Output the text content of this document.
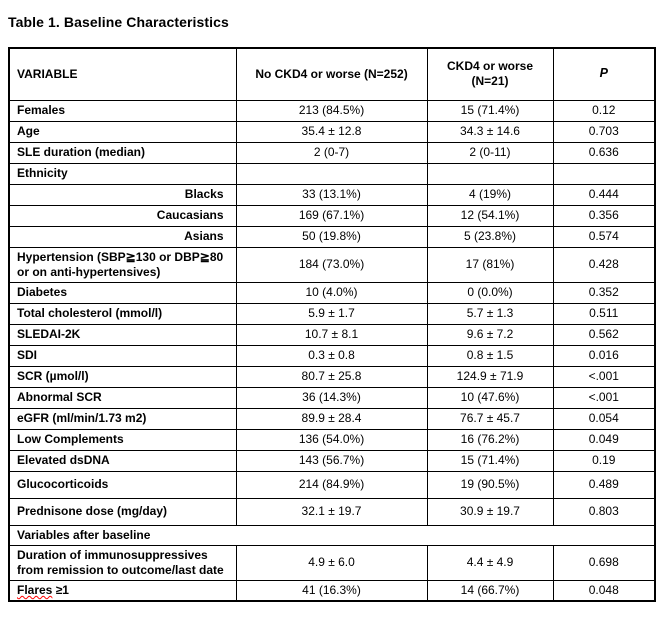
Table 1. Baseline Characteristics
VARIABLE	No CKD4 or worse (N=252)	CKD4 or worse (N=21)	P
Females	213 (84.5%)	15 (71.4%)	0.12
Age	35.4 ± 12.8	34.3 ± 14.6	0.703
SLE duration (median)	2 (0-7)	2 (0-11)	0.636
Ethnicity			
Blacks	33 (13.1%)	4 (19%)	0.444
Caucasians	169 (67.1%)	12 (54.1%)	0.356
Asians	50 (19.8%)	5 (23.8%)	0.574
Hypertension (SBP≧130 or DBP≧80 or on anti-hypertensives)	184 (73.0%)	17 (81%)	0.428
Diabetes	10 (4.0%)	0 (0.0%)	0.352
Total cholesterol (mmol/l)	5.9 ± 1.7	5.7 ± 1.3	0.511
SLEDAI-2K	10.7 ± 8.1	9.6 ± 7.2	0.562
SDI	0.3 ± 0.8	0.8 ± 1.5	0.016
SCR (µmol/l)	80.7 ± 25.8	124.9 ± 71.9	<.001
Abnormal SCR	36 (14.3%)	10 (47.6%)	<.001
eGFR (ml/min/1.73 m2)	89.9 ± 28.4	76.7 ± 45.7	0.054
Low Complements	136 (54.0%)	16 (76.2%)	0.049
Elevated dsDNA	143 (56.7%)	15 (71.4%)	0.19
Glucocorticoids	214 (84.9%)	19 (90.5%)	0.489
Prednisone dose (mg/day)	32.1 ± 19.7	30.9 ± 19.7	0.803
Variables after baseline			
Duration of immunosuppressives from remission to outcome/last date	4.9 ± 6.0	4.4 ± 4.9	0.698
Flares ≥1	41 (16.3%)	14 (66.7%)	0.048
